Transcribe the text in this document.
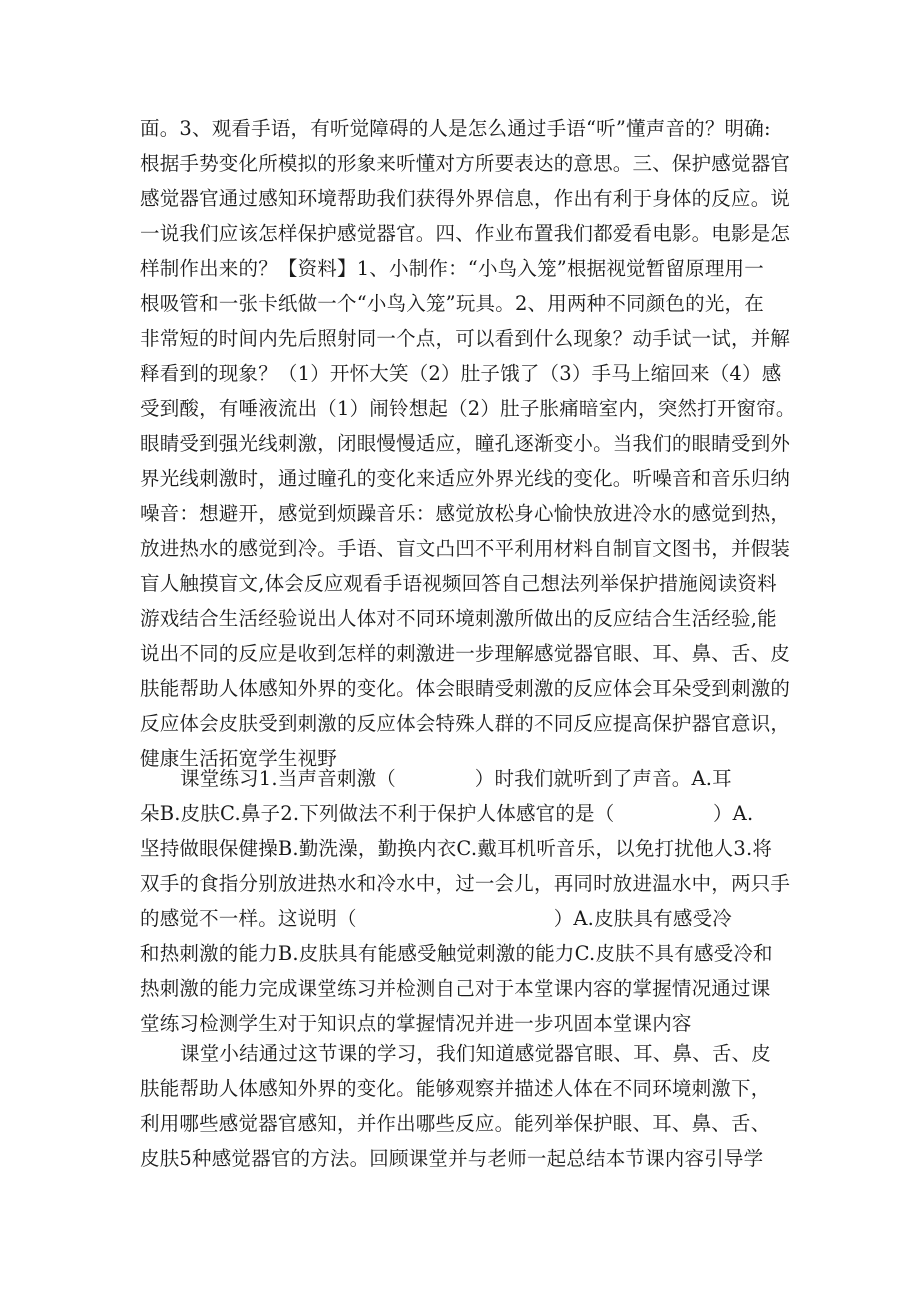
面。3、观看手语，有听觉障碍的人是怎么通过手语“听”懂声音的？明确:
根据手势变化所模拟的形象来听懂对方所要表达的意思。三、保护感觉器官
感觉器官通过感知环境帮助我们获得外界信息，作出有利于身体的反应。说
一说我们应该怎样保护感觉器官。四、作业布置我们都爱看电影。电影是怎
样制作出来的？【资料】1、小制作：“小鸟入笼”根据视觉暂留原理用一
根吸管和一张卡纸做一个“小鸟入笼”玩具。2、用两种不同颜色的光，在
非常短的时间内先后照射同一个点，可以看到什么现象？动手试一试，并解
释看到的现象？（1）开怀大笑（2）肚子饿了（3）手马上缩回来（4）感
受到酸，有唾液流出（1）闹铃想起（2）肚子胀痛暗室内，突然打开窗帘。
眼睛受到强光线刺激，闭眼慢慢适应，瞳孔逐渐变小。当我们的眼睛受到外
界光线刺激时，通过瞳孔的变化来适应外界光线的变化。听噪音和音乐归纳
噪音：想避开，感觉到烦躁音乐：感觉放松身心愉快放进冷水的感觉到热，
放进热水的感觉到冷。手语、盲文凸凹不平利用材料自制盲文图书，并假装
盲人触摸盲文,体会反应观看手语视频回答自己想法列举保护措施阅读资料
游戏结合生活经验说出人体对不同环境刺激所做出的反应结合生活经验,能
说出不同的反应是收到怎样的刺激进一步理解感觉器官眼、耳、鼻、舌、皮
肤能帮助人体感知外界的变化。体会眼睛受刺激的反应体会耳朵受到刺激的
反应体会皮肤受到刺激的反应体会特殊人群的不同反应提高保护器官意识，
健康生活拓宽学生视野
课堂练习1.当声音刺激（　　　　）时我们就听到了声音。A.耳
朵B.皮肤C.鼻子2.下列做法不利于保护人体感官的是（　　　　　）A.
坚持做眼保健操B.勤洗澡，勤换内衣C.戴耳机听音乐，以免打扰他人3.将
双手的食指分别放进热水和冷水中，过一会儿，再同时放进温水中，两只手
的感觉不一样。这说明（　　　　　　　　　　）A.皮肤具有感受冷
和热刺激的能力B.皮肤具有能感受触觉刺激的能力C.皮肤不具有感受冷和
热刺激的能力完成课堂练习并检测自己对于本堂课内容的掌握情况通过课
堂练习检测学生对于知识点的掌握情况并进一步巩固本堂课内容
课堂小结通过这节课的学习，我们知道感觉器官眼、耳、鼻、舌、皮
肤能帮助人体感知外界的变化。能够观察并描述人体在不同环境刺激下，
利用哪些感觉器官感知，并作出哪些反应。能列举保护眼、耳、鼻、舌、
皮肤5种感觉器官的方法。回顾课堂并与老师一起总结本节课内容引导学
